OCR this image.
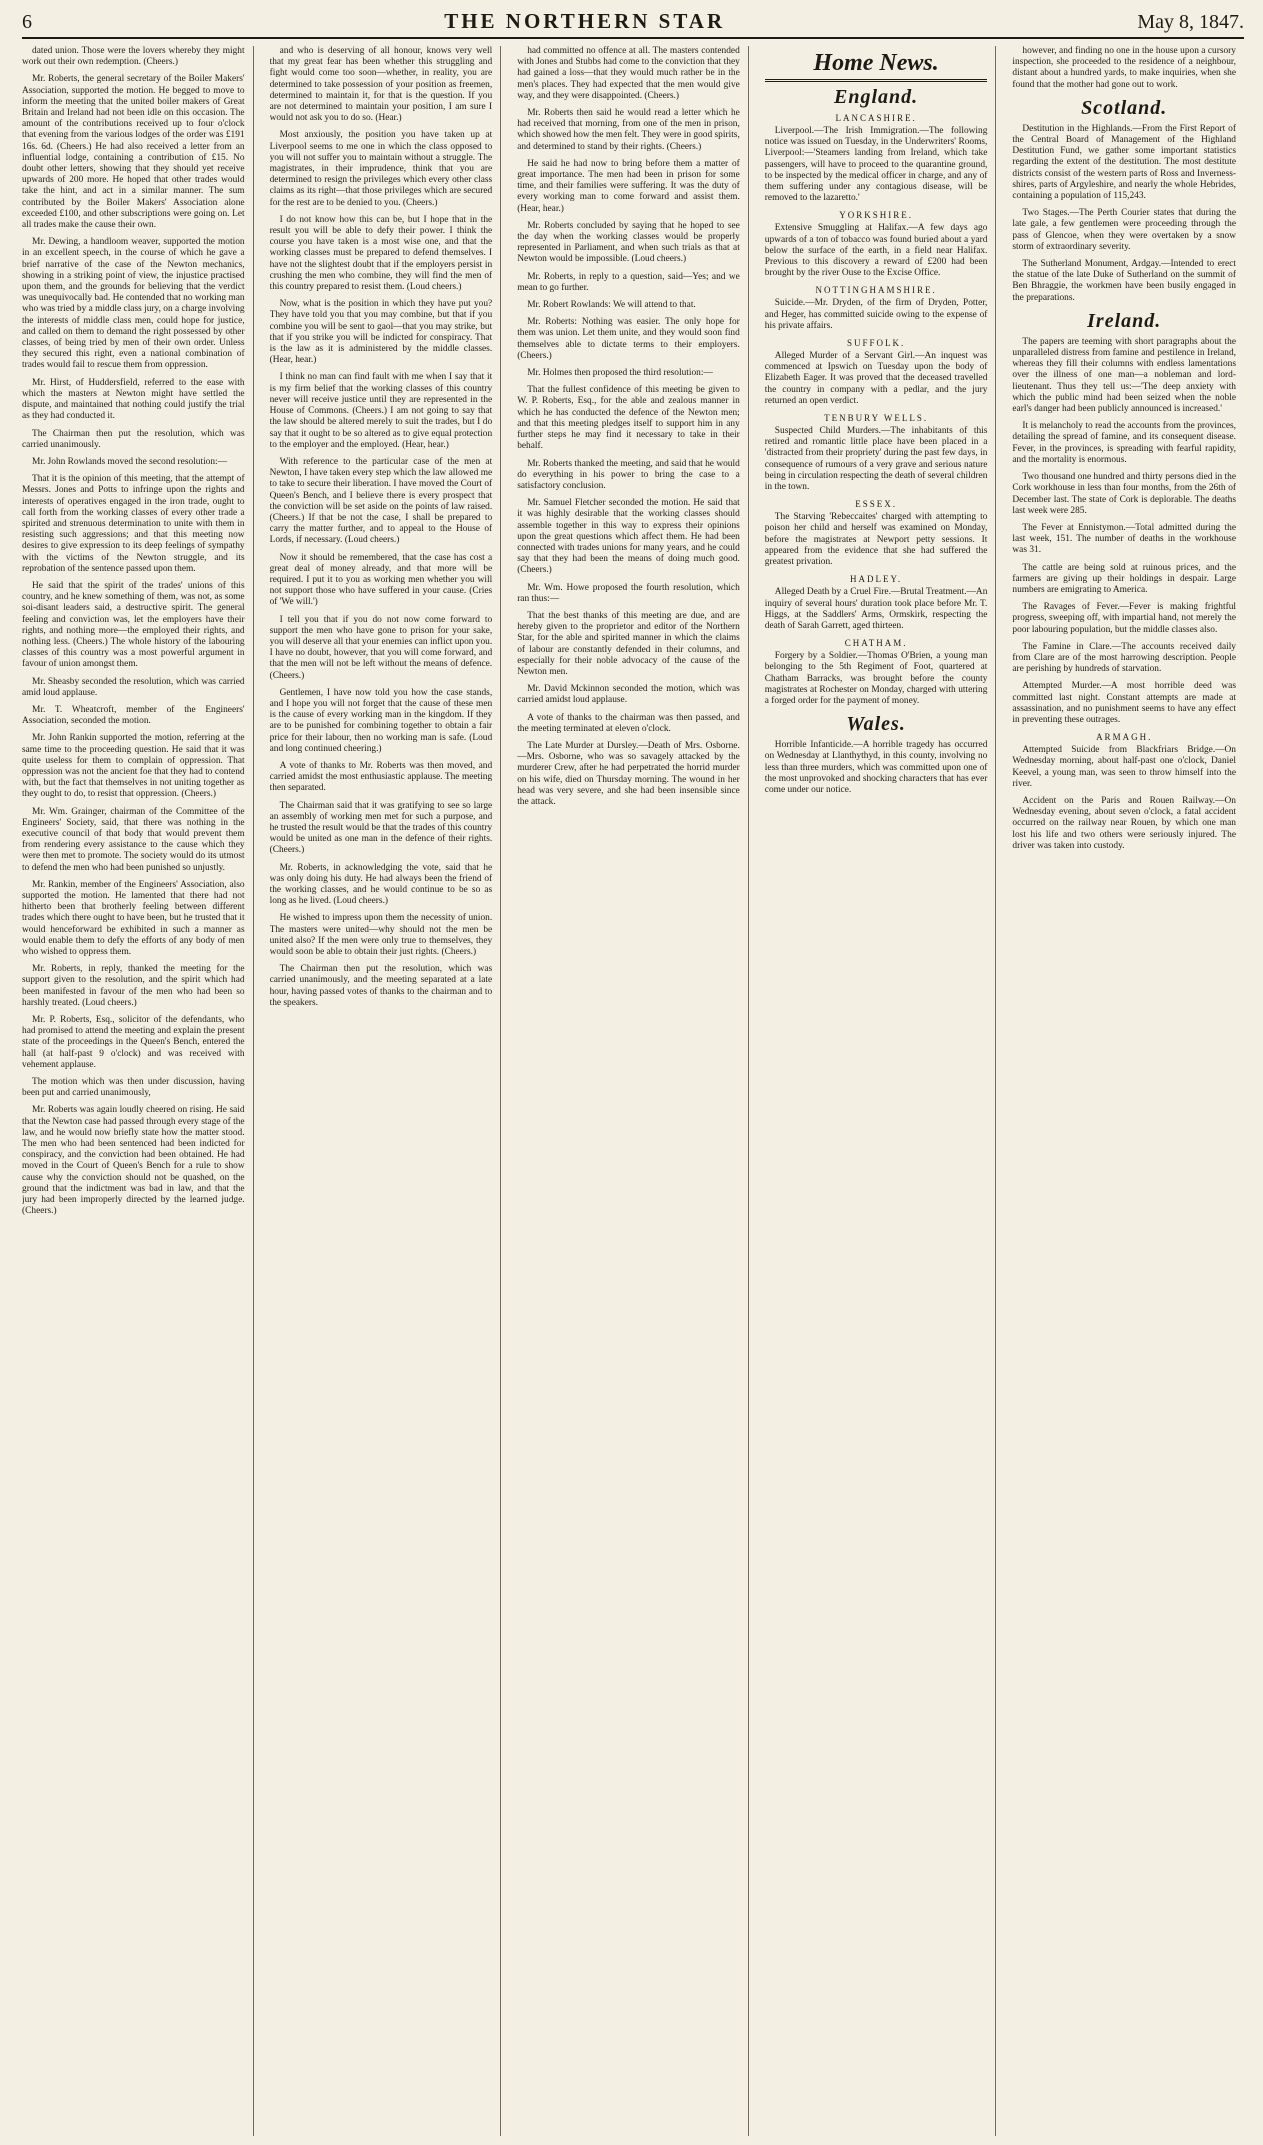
6	THE NORTHERN STAR	May 8, 1847.

dated union. Those were the lovers whereby they might work out their own redemption. (Cheers.)

Mr. Roberts, the general secretary of the Boiler Makers' Association, supported the motion. He begged to move to inform the meeting that the united boiler makers of Great Britain and Ireland had not been idle on this occasion. The amount of the contributions received up to four o'clock that evening from the various lodges of the order was £191 16s. 6d. (Cheers.) He had also received a letter from an influential lodge, containing a contribution of £15. No doubt other letters, showing that they should yet receive upwards of 200 more. He hoped that other trades would take the hint, and act in a similar manner. The sum contributed by the Boiler Makers' Association alone exceeded £100, and other subscriptions were going on. Let all trades make the cause their own.

Mr. Dewing, a handloom weaver, supported the motion in an excellent speech, in the course of which he gave a brief narrative of the case of the Newton mechanics, showing in a striking point of view, the injustice practised upon them, and the grounds for believing that the verdict was unequivocally bad. He contended that no working man who was tried by a middle class jury, on a charge involving the interests of middle class men, could hope for justice, and called on them to demand the right possessed by other classes, of being tried by men of their own order. Unless they secured this right, even a national combination of trades would fail to rescue them from oppression.

Mr. Hirst, of Huddersfield, referred to the ease with which the masters at Newton might have settled the dispute, and maintained that nothing could justify the trial as they had conducted it.

The Chairman then put the resolution, which was carried unanimously.

Mr. John Rowlands moved the second resolution:—

That it is the opinion of this meeting, that the attempt of Messrs. Jones and Potts to infringe upon the rights and interests of operatives engaged in the iron trade, ought to call forth from the working classes of every other trade a spirited and strenuous determination to unite with them in resisting such aggressions; and that this meeting now desires to give expression to its deep feelings of sympathy with the victims of the Newton struggle, and its reprobation of the sentence passed upon them.

He said that the spirit of the trades' unions of this country, and he knew something of them, was not, as some soi-disant leaders said, a destructive spirit. The general feeling and conviction was, let the employers have their rights, and nothing more—the employed their rights, and nothing less. (Cheers.) The whole history of the labouring classes of this country was a most powerful argument in favour of union amongst them.

Mr. Sheasby seconded the resolution, which was carried amid loud applause.

Mr. T. Wheatcroft, member of the Engineers' Association, seconded the motion.

Mr. John Rankin supported the motion, referring at the same time to the proceeding question. He said that it was quite useless for them to complain of oppression. That oppression was not the ancient foe that they had to contend with, but the fact that themselves in not uniting together as they ought to do, to resist that oppression. (Cheers.)

Mr. Wm. Grainger, chairman of the Committee of the Engineers' Society, said, that there was nothing in the executive council of that body that would prevent them from rendering every assistance to the cause which they were then met to promote. The society would do its utmost to defend the men who had been punished so unjustly.

Mr. Rankin, member of the Engineers' Association, also supported the motion. He lamented that there had not hitherto been that brotherly feeling between different trades which there ought to have been, but he trusted that it would henceforward be exhibited in such a manner as would enable them to defy the efforts of any body of men who wished to oppress them.

Mr. Roberts, in reply, thanked the meeting for the support given to the resolution, and the spirit which had been manifested in favour of the men who had been so harshly treated. (Loud cheers.)

Mr. P. Roberts, Esq., solicitor of the defendants, who had promised to attend the meeting and explain the present state of the proceedings in the Queen's Bench, entered the hall (at half-past 9 o'clock) and was received with vehement applause.

The motion which was then under discussion, having been put and carried unanimously,

Mr. Roberts was again loudly cheered on rising. He said that the Newton case had passed through every stage of the law, and he would now briefly state how the matter stood. The men who had been sentenced had been indicted for conspiracy, and the conviction had been obtained. He had moved in the Court of Queen's Bench for a rule to show cause why the conviction should not be quashed, on the ground that the indictment was bad in law, and that the jury had been improperly directed by the learned judge. (Cheers.)

and who is deserving of all honour, knows very well that my great fear has been whether this struggling and fight would come too soon—whether, in reality, you are determined to take possession of your position as freemen, determined to maintain it, for that is the question. If you are not determined to maintain your position, I am sure I would not ask you to do so. (Hear.)

Most anxiously, the position you have taken up at Liverpool seems to me one in which the class opposed to you will not suffer you to maintain without a struggle. The magistrates, in their imprudence, think that you are determined to resign the privileges which every other class claims as its right—that those privileges which are secured for the rest are to be denied to you. (Cheers.)

I do not know how this can be, but I hope that in the result you will be able to defy their power. I think the course you have taken is a most wise one, and that the working classes must be prepared to defend themselves. I have not the slightest doubt that if the employers persist in crushing the men who combine, they will find the men of this country prepared to resist them. (Loud cheers.)

Now, what is the position in which they have put you? They have told you that you may combine, but that if you combine you will be sent to gaol—that you may strike, but that if you strike you will be indicted for conspiracy. That is the law as it is administered by the middle classes. (Hear, hear.)

I think no man can find fault with me when I say that it is my firm belief that the working classes of this country never will receive justice until they are represented in the House of Commons. (Cheers.) I am not going to say that the law should be altered merely to suit the trades, but I do say that it ought to be so altered as to give equal protection to the employer and the employed. (Hear, hear.)

With reference to the particular case of the men at Newton, I have taken every step which the law allowed me to take to secure their liberation. I have moved the Court of Queen's Bench, and I believe there is every prospect that the conviction will be set aside on the points of law raised. (Cheers.) If that be not the case, I shall be prepared to carry the matter further, and to appeal to the House of Lords, if necessary. (Loud cheers.)

Now it should be remembered, that the case has cost a great deal of money already, and that more will be required. I put it to you as working men whether you will not support those who have suffered in your cause. (Cries of 'We will.')

I tell you that if you do not now come forward to support the men who have gone to prison for your sake, you will deserve all that your enemies can inflict upon you. I have no doubt, however, that you will come forward, and that the men will not be left without the means of defence. (Cheers.)

Gentlemen, I have now told you how the case stands, and I hope you will not forget that the cause of these men is the cause of every working man in the kingdom. If they are to be punished for combining together to obtain a fair price for their labour, then no working man is safe. (Loud and long continued cheering.)

A vote of thanks to Mr. Roberts was then moved, and carried amidst the most enthusiastic applause. The meeting then separated.

The Chairman said that it was gratifying to see so large an assembly of working men met for such a purpose, and he trusted the result would be that the trades of this country would be united as one man in the defence of their rights. (Cheers.)

Mr. Roberts, in acknowledging the vote, said that he was only doing his duty. He had always been the friend of the working classes, and he would continue to be so as long as he lived. (Loud cheers.)

He wished to impress upon them the necessity of union. The masters were united—why should not the men be united also? If the men were only true to themselves, they would soon be able to obtain their just rights. (Cheers.)

The Chairman then put the resolution, which was carried unanimously, and the meeting separated at a late hour, having passed votes of thanks to the chairman and to the speakers.

had committed no offence at all. The masters contended with Jones and Stubbs had come to the conviction that they had gained a loss—that they would much rather be in the men's places. They had expected that the men would give way, and they were disappointed. (Cheers.)

Mr. Roberts then said he would read a letter which he had received that morning, from one of the men in prison, which showed how the men felt. They were in good spirits, and determined to stand by their rights. (Cheers.)

He said he had now to bring before them a matter of great importance. The men had been in prison for some time, and their families were suffering. It was the duty of every working man to come forward and assist them. (Hear, hear.)

Mr. Roberts concluded by saying that he hoped to see the day when the working classes would be properly represented in Parliament, and when such trials as that at Newton would be impossible. (Loud cheers.)

Mr. Roberts, in reply to a question, said—Yes; and we mean to go further.

Mr. Robert Rowlands: We will attend to that.

Mr. Roberts: Nothing was easier. The only hope for them was union. Let them unite, and they would soon find themselves able to dictate terms to their employers. (Cheers.)

Mr. Holmes then proposed the third resolution:—

That the fullest confidence of this meeting be given to W. P. Roberts, Esq., for the able and zealous manner in which he has conducted the defence of the Newton men; and that this meeting pledges itself to support him in any further steps he may find it necessary to take in their behalf.

Mr. Roberts thanked the meeting, and said that he would do everything in his power to bring the case to a satisfactory conclusion.

Mr. Samuel Fletcher seconded the motion. He said that it was highly desirable that the working classes should assemble together in this way to express their opinions upon the great questions which affect them. He had been connected with trades unions for many years, and he could say that they had been the means of doing much good. (Cheers.)

Mr. Wm. Howe proposed the fourth resolution, which ran thus:—

That the best thanks of this meeting are due, and are hereby given to the proprietor and editor of the Northern Star, for the able and spirited manner in which the claims of labour are constantly defended in their columns, and especially for their noble advocacy of the cause of the Newton men.

Mr. David Mckinnon seconded the motion, which was carried amidst loud applause.

A vote of thanks to the chairman was then passed, and the meeting terminated at eleven o'clock.

The Late Murder at Dursley.—Death of Mrs. Osborne.—Mrs. Osborne, who was so savagely attacked by the murderer Crew, after he had perpetrated the horrid murder on his wife, died on Thursday morning. The wound in her head was very severe, and she had been insensible since the attack.

Home News.
England.
LANCASHIRE.

Liverpool.—The Irish Immigration.—The following notice was issued on Tuesday, in the Underwriters' Rooms, Liverpool:—'Steamers landing from Ireland, which take passengers, will have to proceed to the quarantine ground, to be inspected by the medical officer in charge, and any of them suffering under any contagious disease, will be removed to the lazaretto.'

YORKSHIRE.

Extensive Smuggling at Halifax.—A few days ago upwards of a ton of tobacco was found buried about a yard below the surface of the earth, in a field near Halifax. Previous to this discovery a reward of £200 had been brought by the river Ouse to the Excise Office.

NOTTINGHAMSHIRE.

Suicide.—Mr. Dryden, of the firm of Dryden, Potter, and Heger, has committed suicide owing to the expense of his private affairs.

SUFFOLK.

Alleged Murder of a Servant Girl.—An inquest was commenced at Ipswich on Tuesday upon the body of Elizabeth Eager. It was proved that the deceased travelled the country in company with a pedlar, and the jury returned an open verdict.

TENBURY WELLS.

Suspected Child Murders.—The inhabitants of this retired and romantic little place have been placed in a 'distracted from their propriety' during the past few days, in consequence of rumours of a very grave and serious nature being in circulation respecting the death of several children in the town.

ESSEX.

The Starving 'Rebeccaites' charged with attempting to poison her child and herself was examined on Monday, before the magistrates at Newport petty sessions. It appeared from the evidence that she had suffered the greatest privation.

HADLEY.

Alleged Death by a Cruel Fire.—Brutal Treatment.—An inquiry of several hours' duration took place before Mr. T. Higgs, at the Saddlers' Arms, Ormskirk, respecting the death of Sarah Garrett, aged thirteen.

CHATHAM.

Forgery by a Soldier.—Thomas O'Brien, a young man belonging to the 5th Regiment of Foot, quartered at Chatham Barracks, was brought before the county magistrates at Rochester on Monday, charged with uttering a forged order for the payment of money.

Wales.

Horrible Infanticide.—A horrible tragedy has occurred on Wednesday at Llanthythyd, in this county, involving no less than three murders, which was committed upon one of the most unprovoked and shocking characters that has ever come under our notice.

however, and finding no one in the house upon a cursory inspection, she proceeded to the residence of a neighbour, distant about a hundred yards, to make inquiries, when she found that the mother had gone out to work.

Scotland.

Destitution in the Highlands.—From the First Report of the Central Board of Management of the Highland Destitution Fund, we gather some important statistics regarding the extent of the destitution. The most destitute districts consist of the western parts of Ross and Inverness-shires, parts of Argyleshire, and nearly the whole Hebrides, containing a population of 115,243.

Two Stages.—The Perth Courier states that during the late gale, a few gentlemen were proceeding through the pass of Glencoe, when they were overtaken by a snow storm of extraordinary severity.

The Sutherland Monument, Ardgay.—Intended to erect the statue of the late Duke of Sutherland on the summit of Ben Bhraggie, the workmen have been busily engaged in the preparations.

Ireland.

The papers are teeming with short paragraphs about the unparalleled distress from famine and pestilence in Ireland, whereas they fill their columns with endless lamentations over the illness of one man—a nobleman and lord-lieutenant. Thus they tell us:—'The deep anxiety with which the public mind had been seized when the noble earl's danger had been publicly announced is increased.'

It is melancholy to read the accounts from the provinces, detailing the spread of famine, and its consequent disease. Fever, in the provinces, is spreading with fearful rapidity, and the mortality is enormous.

Two thousand one hundred and thirty persons died in the Cork workhouse in less than four months, from the 26th of December last. The state of Cork is deplorable. The deaths last week were 285.

The Fever at Ennistymon.—Total admitted during the last week, 151. The number of deaths in the workhouse was 31.

The cattle are being sold at ruinous prices, and the farmers are giving up their holdings in despair. Large numbers are emigrating to America.

The Ravages of Fever.—Fever is making frightful progress, sweeping off, with impartial hand, not merely the poor labouring population, but the middle classes also.

The Famine in Clare.—The accounts received daily from Clare are of the most harrowing description. People are perishing by hundreds of starvation.

Attempted Murder.—A most horrible deed was committed last night. Constant attempts are made at assassination, and no punishment seems to have any effect in preventing these outrages.

ARMAGH.

Attempted Suicide from Blackfriars Bridge.—On Wednesday morning, about half-past one o'clock, Daniel Keevel, a young man, was seen to throw himself into the river.

Accident on the Paris and Rouen Railway.—On Wednesday evening, about seven o'clock, a fatal accident occurred on the railway near Rouen, by which one man lost his life and two others were seriously injured. The driver was taken into custody.
